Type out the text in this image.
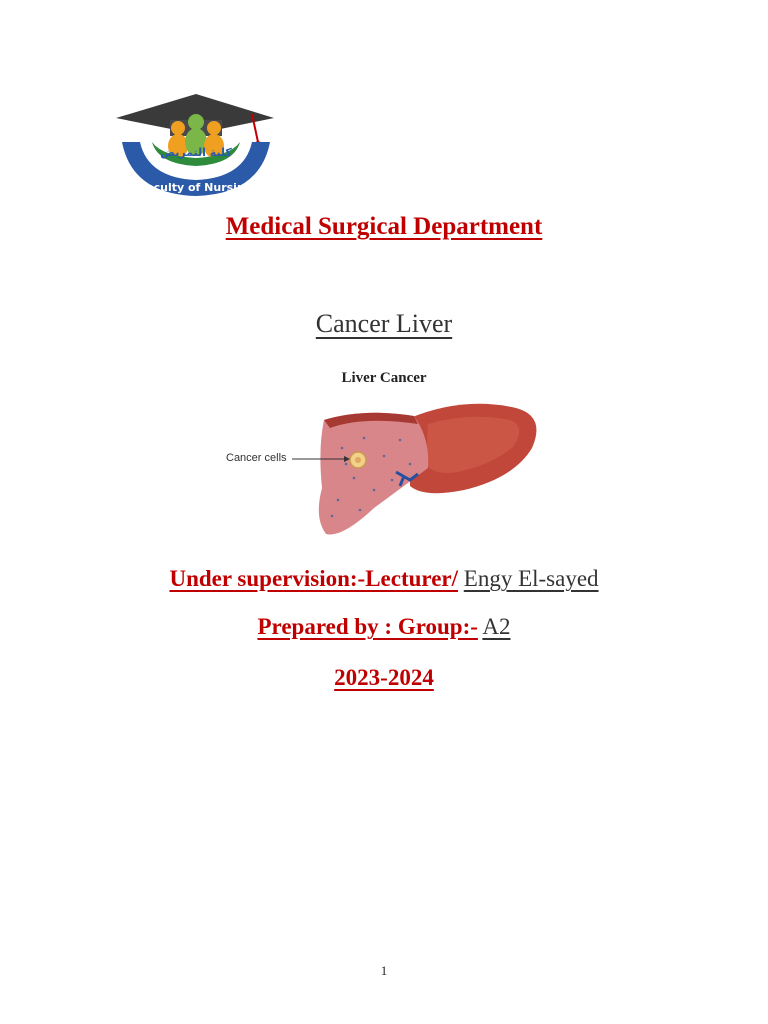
كلية التمريض
Faculty of Nursing
Menoufia University
Medical Surgical Department
Cancer Liver
Liver Cancer
Cancer cells
Under supervision:-Lecturer/ Engy El-sayed
Prepared by : Group:- A2
2023-2024
1
